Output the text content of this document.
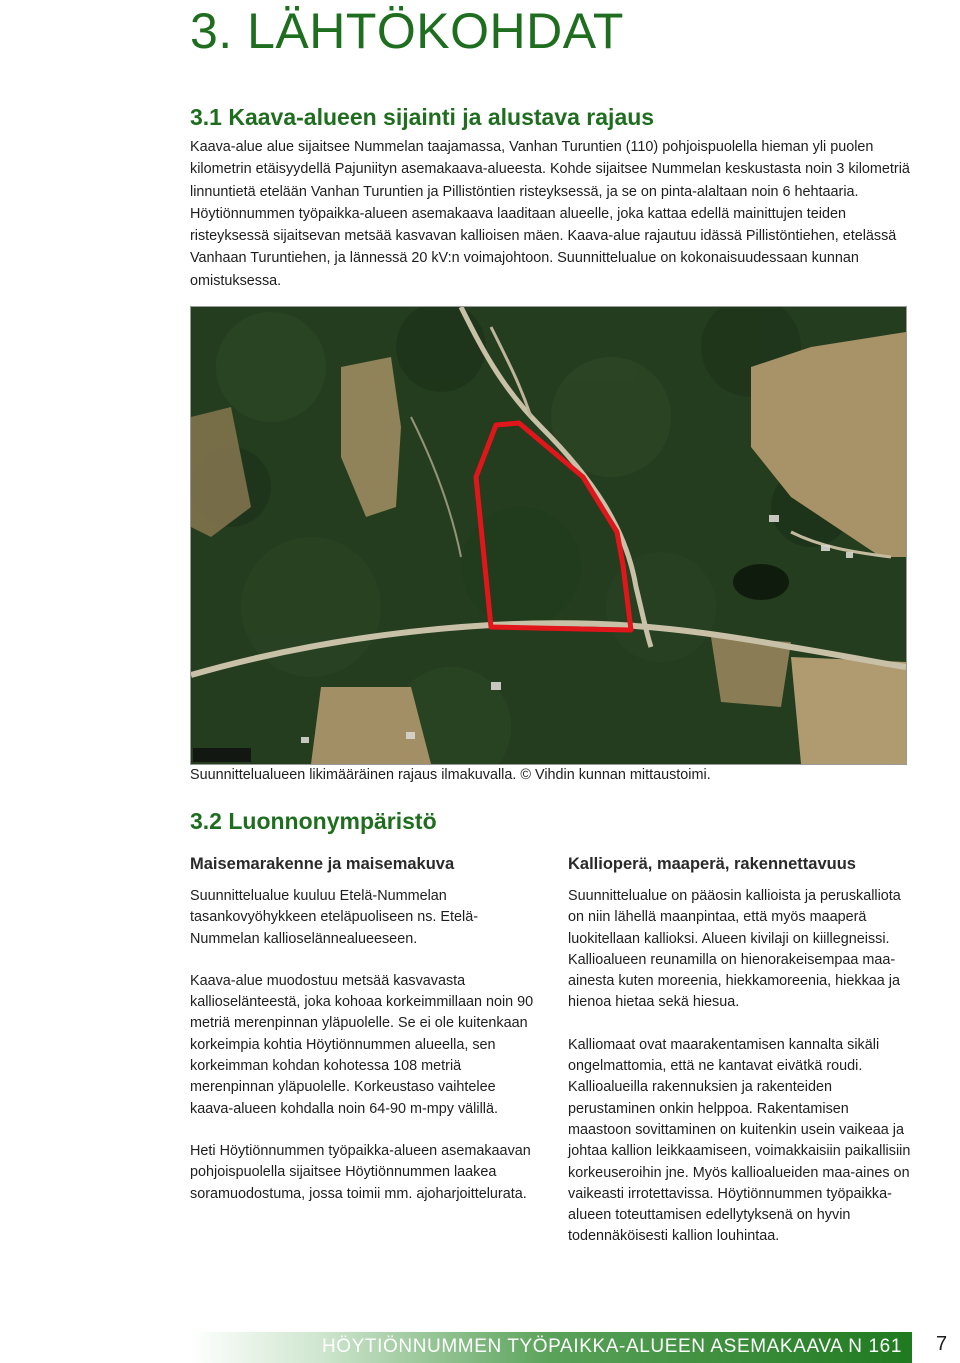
3. LÄHTÖKOHDAT
3.1 Kaava-alueen sijainti ja alustava rajaus

Kaava-alue alue sijaitsee Nummelan taajamassa, Vanhan Turuntien (110) pohjoispuolella hieman yli puolen kilometrin etäisyydellä Pajuniityn asemakaava-alueesta. Kohde sijaitsee Nummelan keskustasta noin 3 kilometriä linnuntietä etelään Vanhan Turuntien ja Pillistöntien risteyksessä, ja se on pinta-alaltaan noin 6 hehtaaria. Höytiönnummen työpaikka-alueen asemakaava laaditaan alueelle, joka kattaa edellä mainittujen teiden risteyksessä sijaitsevan metsää kasvavan kallioisen mäen. Kaava-alue rajautuu idässä Pillistöntiehen, etelässä Vanhaan Turuntiehen, ja lännessä 20 kV:n voimajohtoon. Suunnittelualue on kokonaisuudessaan kunnan omistuksessa.

Suunnittelualueen likimääräinen rajaus ilmakuvalla. © Vihdin kunnan mittaustoimi.

3.2 Luonnonympäristö
Maisemarakenne ja maisemakuva

Suunnittelualue kuuluu Etelä-Nummelan tasankovyöhykkeen eteläpuoliseen ns. Etelä-Nummelan kallioselännealueeseen.

Kaava-alue muodostuu metsää kasvavasta kallioselänteestä, joka kohoaa korkeimmillaan noin 90 metriä merenpinnan yläpuolelle. Se ei ole kuitenkaan korkeimpia kohtia Höytiönnummen alueella, sen korkeimman kohdan kohotessa 108 metriä merenpinnan yläpuolelle. Korkeustaso vaihtelee kaava-alueen kohdalla noin 64-90 m-mpy välillä.

Heti Höytiönnummen työpaikka-alueen asemakaavan pohjoispuolella sijaitsee Höytiönnummen laakea soramuodostuma, jossa toimii mm. ajoharjoittelurata.

Kallioperä, maaperä, rakennettavuus

Suunnittelualue on pääosin kallioista ja peruskalliota on niin lähellä maanpintaa, että myös maaperä luokitellaan kallioksi. Alueen kivilaji on kiillegneissi. Kallioalueen reunamilla on hienorakeisempaa maa-ainesta kuten moreenia, hiekkamoreenia, hiekkaa ja hienoa hietaa sekä hiesua.

Kalliomaat ovat maarakentamisen kannalta sikäli ongelmattomia, että ne kantavat eivätkä roudi. Kallioalueilla rakennuksien ja rakenteiden perustaminen onkin helppoa. Rakentamisen maastoon sovittaminen on kuitenkin usein vaikeaa ja johtaa kallion leikkaamiseen, voimakkaisiin paikallisiin korkeuseroihin jne. Myös kallioalueiden maa-aines on vaikeasti irrotettavissa. Höytiönnummen työpaikka-alueen toteuttamisen edellytyksenä on hyvin todennäköisesti kallion louhintaa.

HÖYTIÖNNUMMEN TYÖPAIKKA-ALUEEN ASEMAKAAVA N 161 7
